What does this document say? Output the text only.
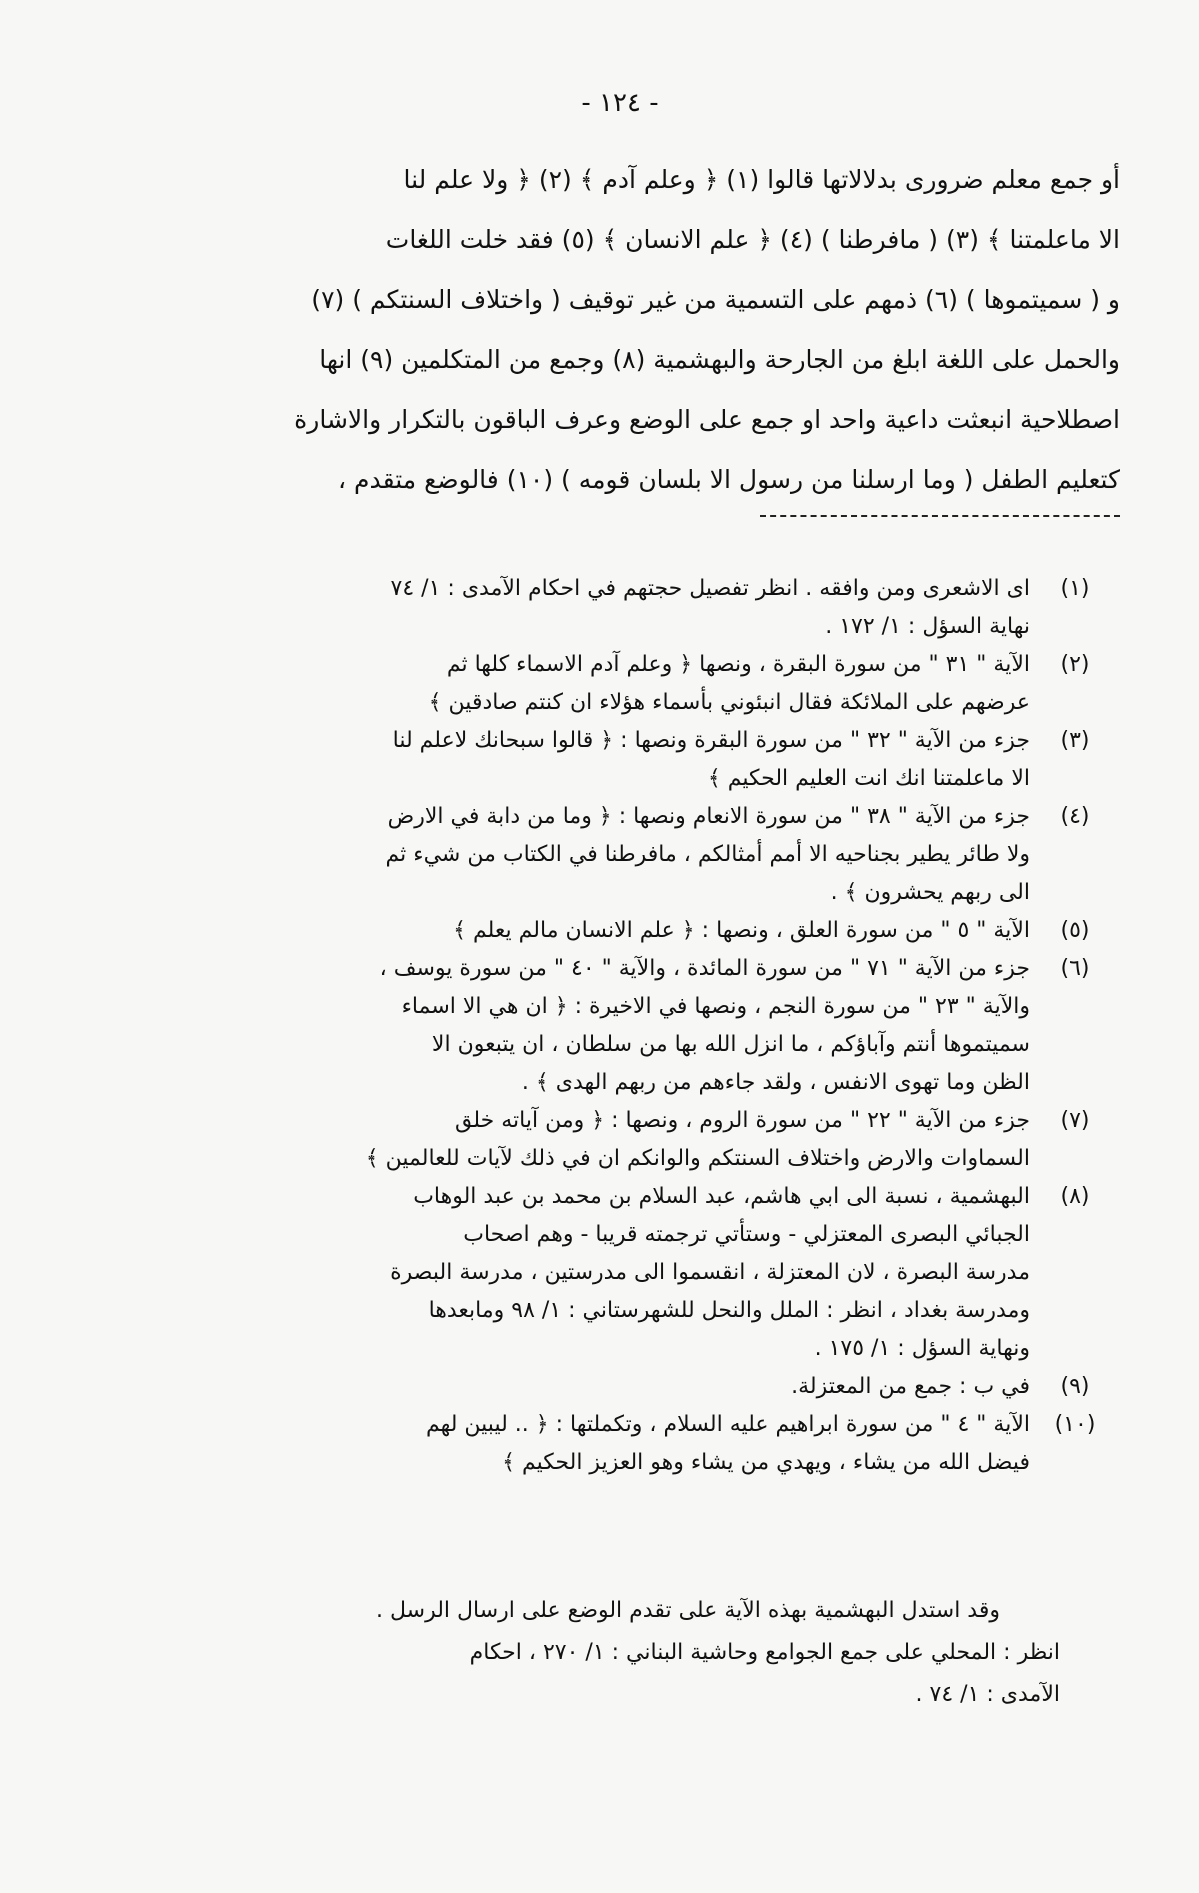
- ١٢٤ -
أو جمع معلم ضرورى بدلالاتها قالوا (١) ﴿ وعلم آدم ﴾ (٢) ﴿ ولا علم لنا
الا ماعلمتنا ﴾ (٣) ( مافرطنا ) (٤) ﴿ علم الانسان ﴾ (٥) فقد خلت اللغات
و ( سميتموها ) (٦) ذمهم على التسمية من غير توقيف ( واختلاف السنتكم ) (٧)
والحمل على اللغة ابلغ من الجارحة والبهشمية (٨) وجمع من المتكلمين (٩) انها
اصطلاحية انبعثت داعية واحد او جمع على الوضع وعرف الباقون بالتكرار والاشارة
كتعليم الطفل ( وما ارسلنا من رسول الا بلسان قومه ) (١٠) فالوضع متقدم ،
(١)
اى الاشعرى ومن وافقه . انظر تفصيل حجتهم في احكام الآمدى : ١/ ٧٤
نهاية السؤل : ١/ ١٧٢ .
(٢)
الآية " ٣١ " من سورة البقرة ، ونصها ﴿ وعلم آدم الاسماء كلها ثم
عرضهم على الملائكة فقال انبئوني بأسماء هؤلاء ان كنتم صادقين ﴾
(٣)
جزء من الآية " ٣٢ " من سورة البقرة ونصها : ﴿ قالوا سبحانك لاعلم لنا
الا ماعلمتنا انك انت العليم الحكيم ﴾
(٤)
جزء من الآية " ٣٨ " من سورة الانعام ونصها : ﴿ وما من دابة في الارض
ولا طائر يطير بجناحيه الا أمم أمثالكم ، مافرطنا في الكتاب من شيء ثم
الى ربهم يحشرون ﴾ .
(٥)
الآية " ٥ " من سورة العلق ، ونصها : ﴿ علم الانسان مالم يعلم ﴾
(٦)
جزء من الآية " ٧١ " من سورة المائدة ، والآية " ٤٠ " من سورة يوسف ،
والآية " ٢٣ " من سورة النجم ، ونصها في الاخيرة : ﴿ ان هي الا اسماء
سميتموها أنتم وآباؤكم ، ما انزل الله بها من سلطان ، ان يتبعون الا
الظن وما تهوى الانفس ، ولقد جاءهم من ربهم الهدى ﴾ .
(٧)
جزء من الآية " ٢٢ " من سورة الروم ، ونصها : ﴿ ومن آياته خلق
السماوات والارض واختلاف السنتكم والوانكم ان في ذلك لآيات للعالمين ﴾
(٨)
البهشمية ، نسبة الى ابي هاشم، عبد السلام بن محمد بن عبد الوهاب
الجبائي البصرى المعتزلي - وستأتي ترجمته قريبا - وهم اصحاب
مدرسة البصرة ، لان المعتزلة ، انقسموا الى مدرستين ، مدرسة البصرة
ومدرسة بغداد ، انظر : الملل والنحل للشهرستاني : ١/ ٩٨ ومابعدها
ونهاية السؤل : ١/ ١٧٥ .
(٩)
في ب : جمع من المعتزلة.
(١٠)
الآية " ٤ " من سورة ابراهيم عليه السلام ، وتكملتها : ﴿ .. ليبين لهم
فيضل الله من يشاء ، ويهدي من يشاء وهو العزيز الحكيم ﴾
وقد استدل البهشمية بهذه الآية على تقدم الوضع على ارسال الرسل .
انظر : المحلي على جمع الجوامع وحاشية البناني : ١/ ٢٧٠ ، احكام
الآمدى : ١/ ٧٤ .
